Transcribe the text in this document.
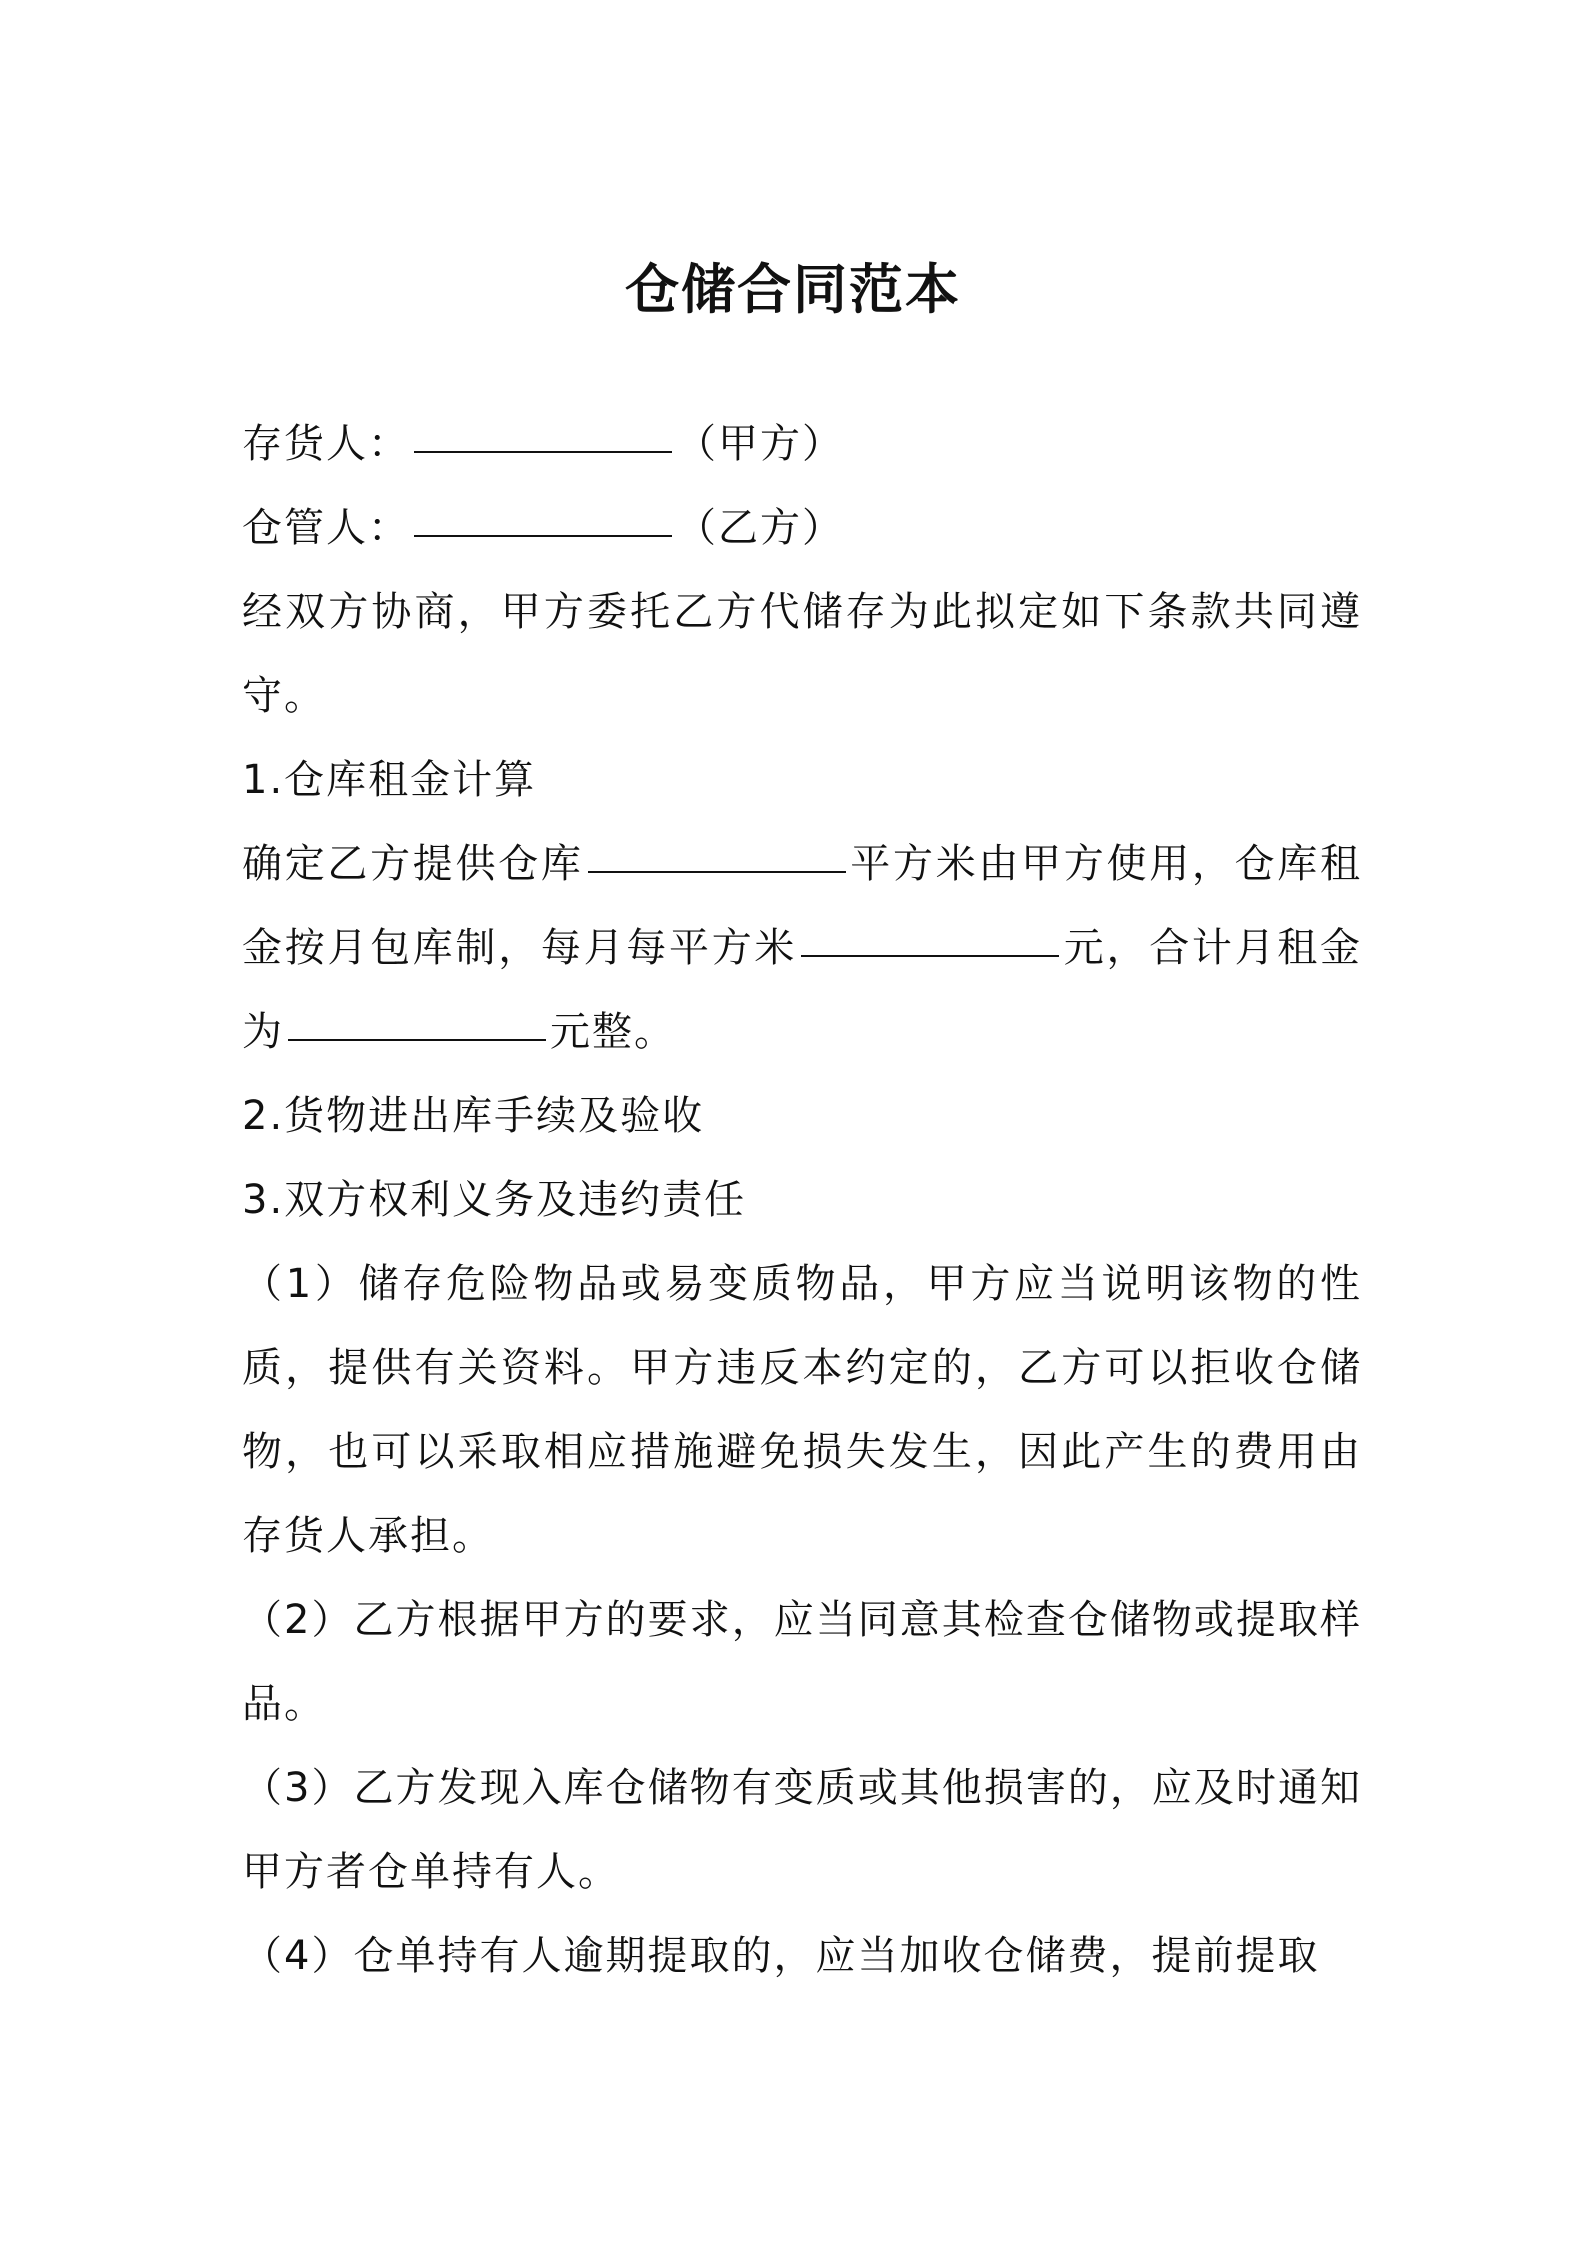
仓储合同范本
存货人：	（甲方）
仓管人：	（乙方）
经双方协商，甲方委托乙方代储存为此拟定如下条款共同遵守。
1.仓库租金计算
确定乙方提供仓库	平方米由甲方使用，仓库租金按月包库制，每月每平方米	元，合计月租金为	元整。
2.货物进出库手续及验收
3.双方权利义务及违约责任
（1）储存危险物品或易变质物品，甲方应当说明该物的性质，提供有关资料。甲方违反本约定的，乙方可以拒收仓储物，也可以采取相应措施避免损失发生，因此产生的费用由存货人承担。
（2）乙方根据甲方的要求，应当同意其检查仓储物或提取样品。
（3）乙方发现入库仓储物有变质或其他损害的，应及时通知甲方者仓单持有人。
（4）仓单持有人逾期提取的，应当加收仓储费，提前提取
